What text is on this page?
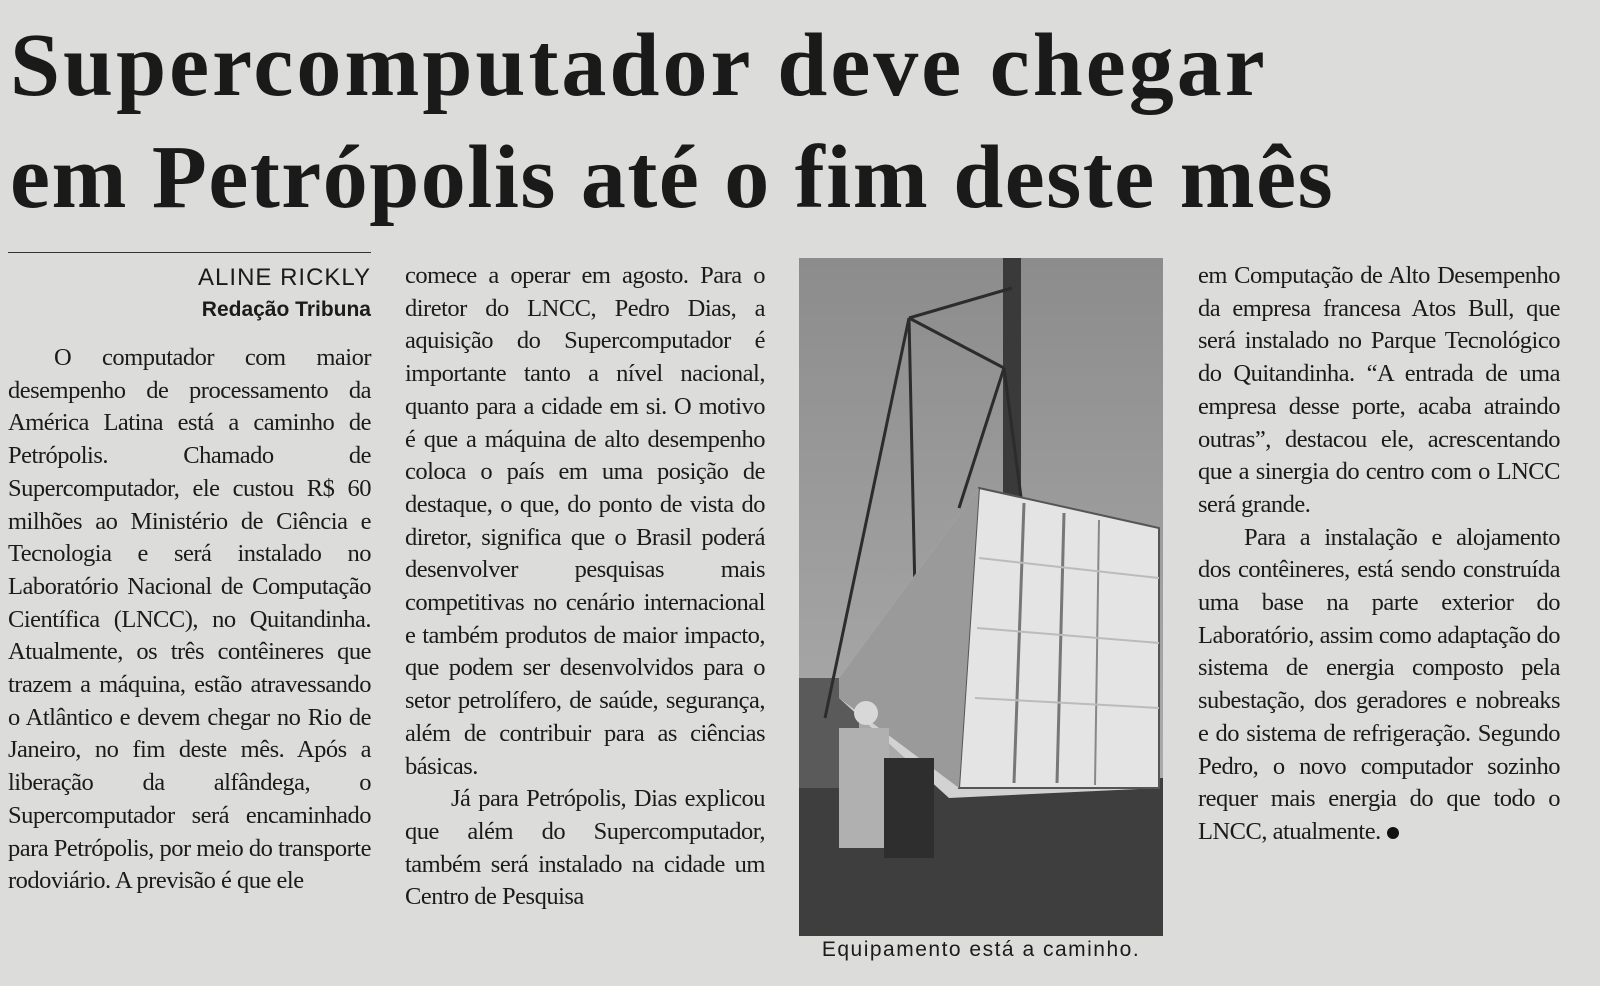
Supercomputador deve chegar
em Petrópolis até o fim deste mês
ALINE RICKLY
Redação Tribuna

O computador com maior desempenho de processamento da América Latina está a caminho de Petrópolis. Chamado de Supercomputador, ele custou R$ 60 milhões ao Ministério de Ciência e Tecnologia e será instalado no Laboratório Nacional de Computação Científica (LNCC), no Quitandinha. Atualmente, os três contêineres que trazem a máquina, estão atravessando o Atlântico e devem chegar no Rio de Janeiro, no fim deste mês. Após a liberação da alfândega, o Supercomputador será encaminhado para Petrópolis, por meio do transporte rodoviário. A previsão é que ele

comece a operar em agosto. Para o diretor do LNCC, Pedro Dias, a aquisição do Supercomputador é importante tanto a nível nacional, quanto para a cidade em si. O motivo é que a máquina de alto desempenho coloca o país em uma posição de destaque, o que, do ponto de vista do diretor, significa que o Brasil poderá desenvolver pesquisas mais competitivas no cenário internacional e também produtos de maior impacto, que podem ser desenvolvidos para o setor petrolífero, de saúde, segurança, além de contribuir para as ciências básicas.

Já para Petrópolis, Dias explicou que além do Supercomputador, também será instalado na cidade um Centro de Pesquisa

Equipamento está a caminho.

em Computação de Alto Desempenho da empresa francesa Atos Bull, que será instalado no Parque Tecnológico do Quitandinha. “A entrada de uma empresa desse porte, acaba atraindo outras”, destacou ele, acrescentando que a sinergia do centro com o LNCC será grande.

Para a instalação e alojamento dos contêineres, está sendo construída uma base na parte exterior do Laboratório, assim como adaptação do sistema de energia composto pela subestação, dos geradores e nobreaks e do sistema de refrigeração. Segundo Pedro, o novo computador sozinho requer mais energia do que todo o LNCC, atualmente.
